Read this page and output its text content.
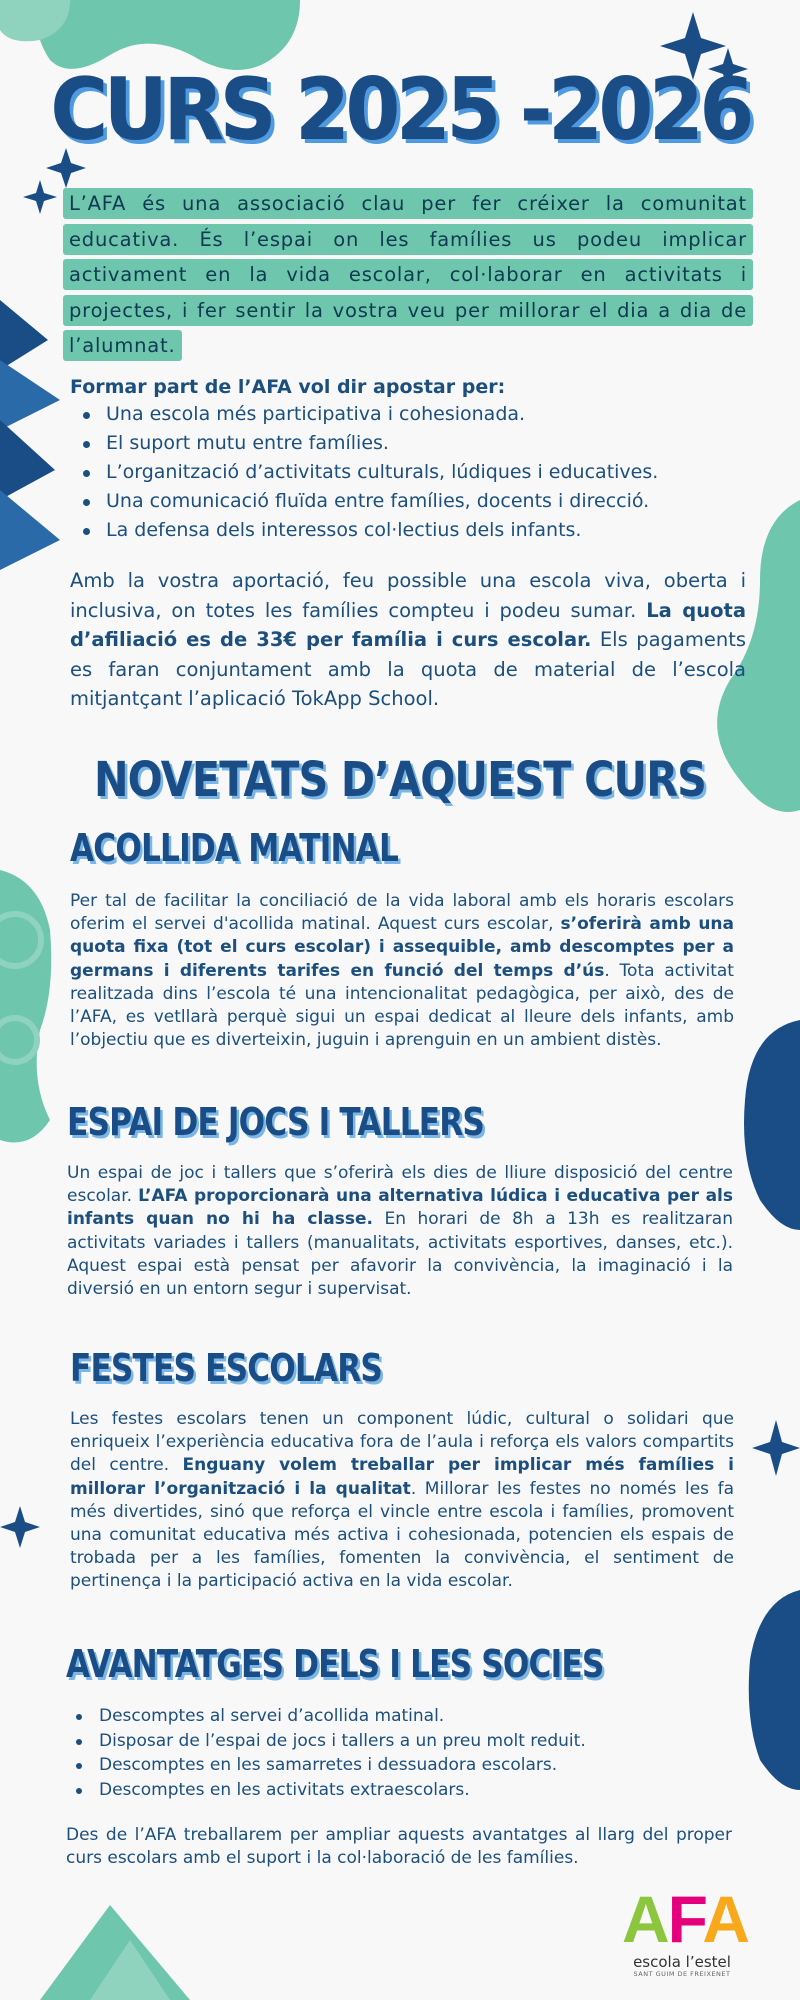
CURS 2025 -2026
L’AFA és una associació clau per fer créixer la comunitat educativa. És l’espai on les famílies us podeu implicar activament en la vida escolar, col·laborar en activitats i projectes, i fer sentir la vostra veu per millorar el dia a dia de l’alumnat.
Formar part de l’AFA vol dir apostar per:
Una escola més participativa i cohesionada.
El suport mutu entre famílies.
L’organització d’activitats culturals, lúdiques i educatives.
Una comunicació fluïda entre famílies, docents i direcció.
La defensa dels interessos col·lectius dels infants.

Amb la vostra aportació, feu possible una escola viva, oberta i inclusiva, on totes les famílies compteu i podeu sumar. La quota d’afiliació es de 33€ per família i curs escolar. Els pagaments es faran conjuntament amb la quota de material de l’escola mitjantçant l’aplicació TokApp School.

NOVETATS D’AQUEST CURS
ACOLLIDA MATINAL

Per tal de facilitar la conciliació de la vida laboral amb els horaris escolars oferim el servei d'acollida matinal. Aquest curs escolar, s’oferirà amb una quota fixa (tot el curs escolar) i assequible, amb descomptes per a germans i diferents tarifes en funció del temps d’ús. Tota activitat realitzada dins l’escola té una intencionalitat pedagògica, per això, des de l’AFA, es vetllarà perquè sigui un espai dedicat al lleure dels infants, amb l’objectiu que es diverteixin, juguin i aprenguin en un ambient distès.

ESPAI DE JOCS I TALLERS

Un espai de joc i tallers que s’oferirà els dies de lliure disposició del centre escolar. L’AFA proporcionarà una alternativa lúdica i educativa per als infants quan no hi ha classe. En horari de 8h a 13h es realitzaran activitats variades i tallers (manualitats, activitats esportives, danses, etc.). Aquest espai està pensat per afavorir la convivència, la imaginació i la diversió en un entorn segur i supervisat.

FESTES ESCOLARS

Les festes escolars tenen un component lúdic, cultural o solidari que enriqueix l’experiència educativa fora de l’aula i reforça els valors compartits del centre. Enguany volem treballar per implicar més famílies i millorar l’organització i la qualitat. Millorar les festes no només les fa més divertides, sinó que reforça el vincle entre escola i famílies, promovent una comunitat educativa més activa i cohesionada, potencien els espais de trobada per a les famílies, fomenten la convivència, el sentiment de pertinença i la participació activa en la vida escolar.

AVANTATGES DELS I LES SOCIES
Descomptes al servei d’acollida matinal.
Disposar de l’espai de jocs i tallers a un preu molt reduit.
Descomptes en les samarretes i dessuadora escolars.
Descomptes en les activitats extraescolars.

Des de l’AFA treballarem per ampliar aquests avantatges al llarg del proper curs escolars amb el suport i la col·laboració de les famílies.

AFA
escola l’estel
SANT GUIM DE FREIXENET
